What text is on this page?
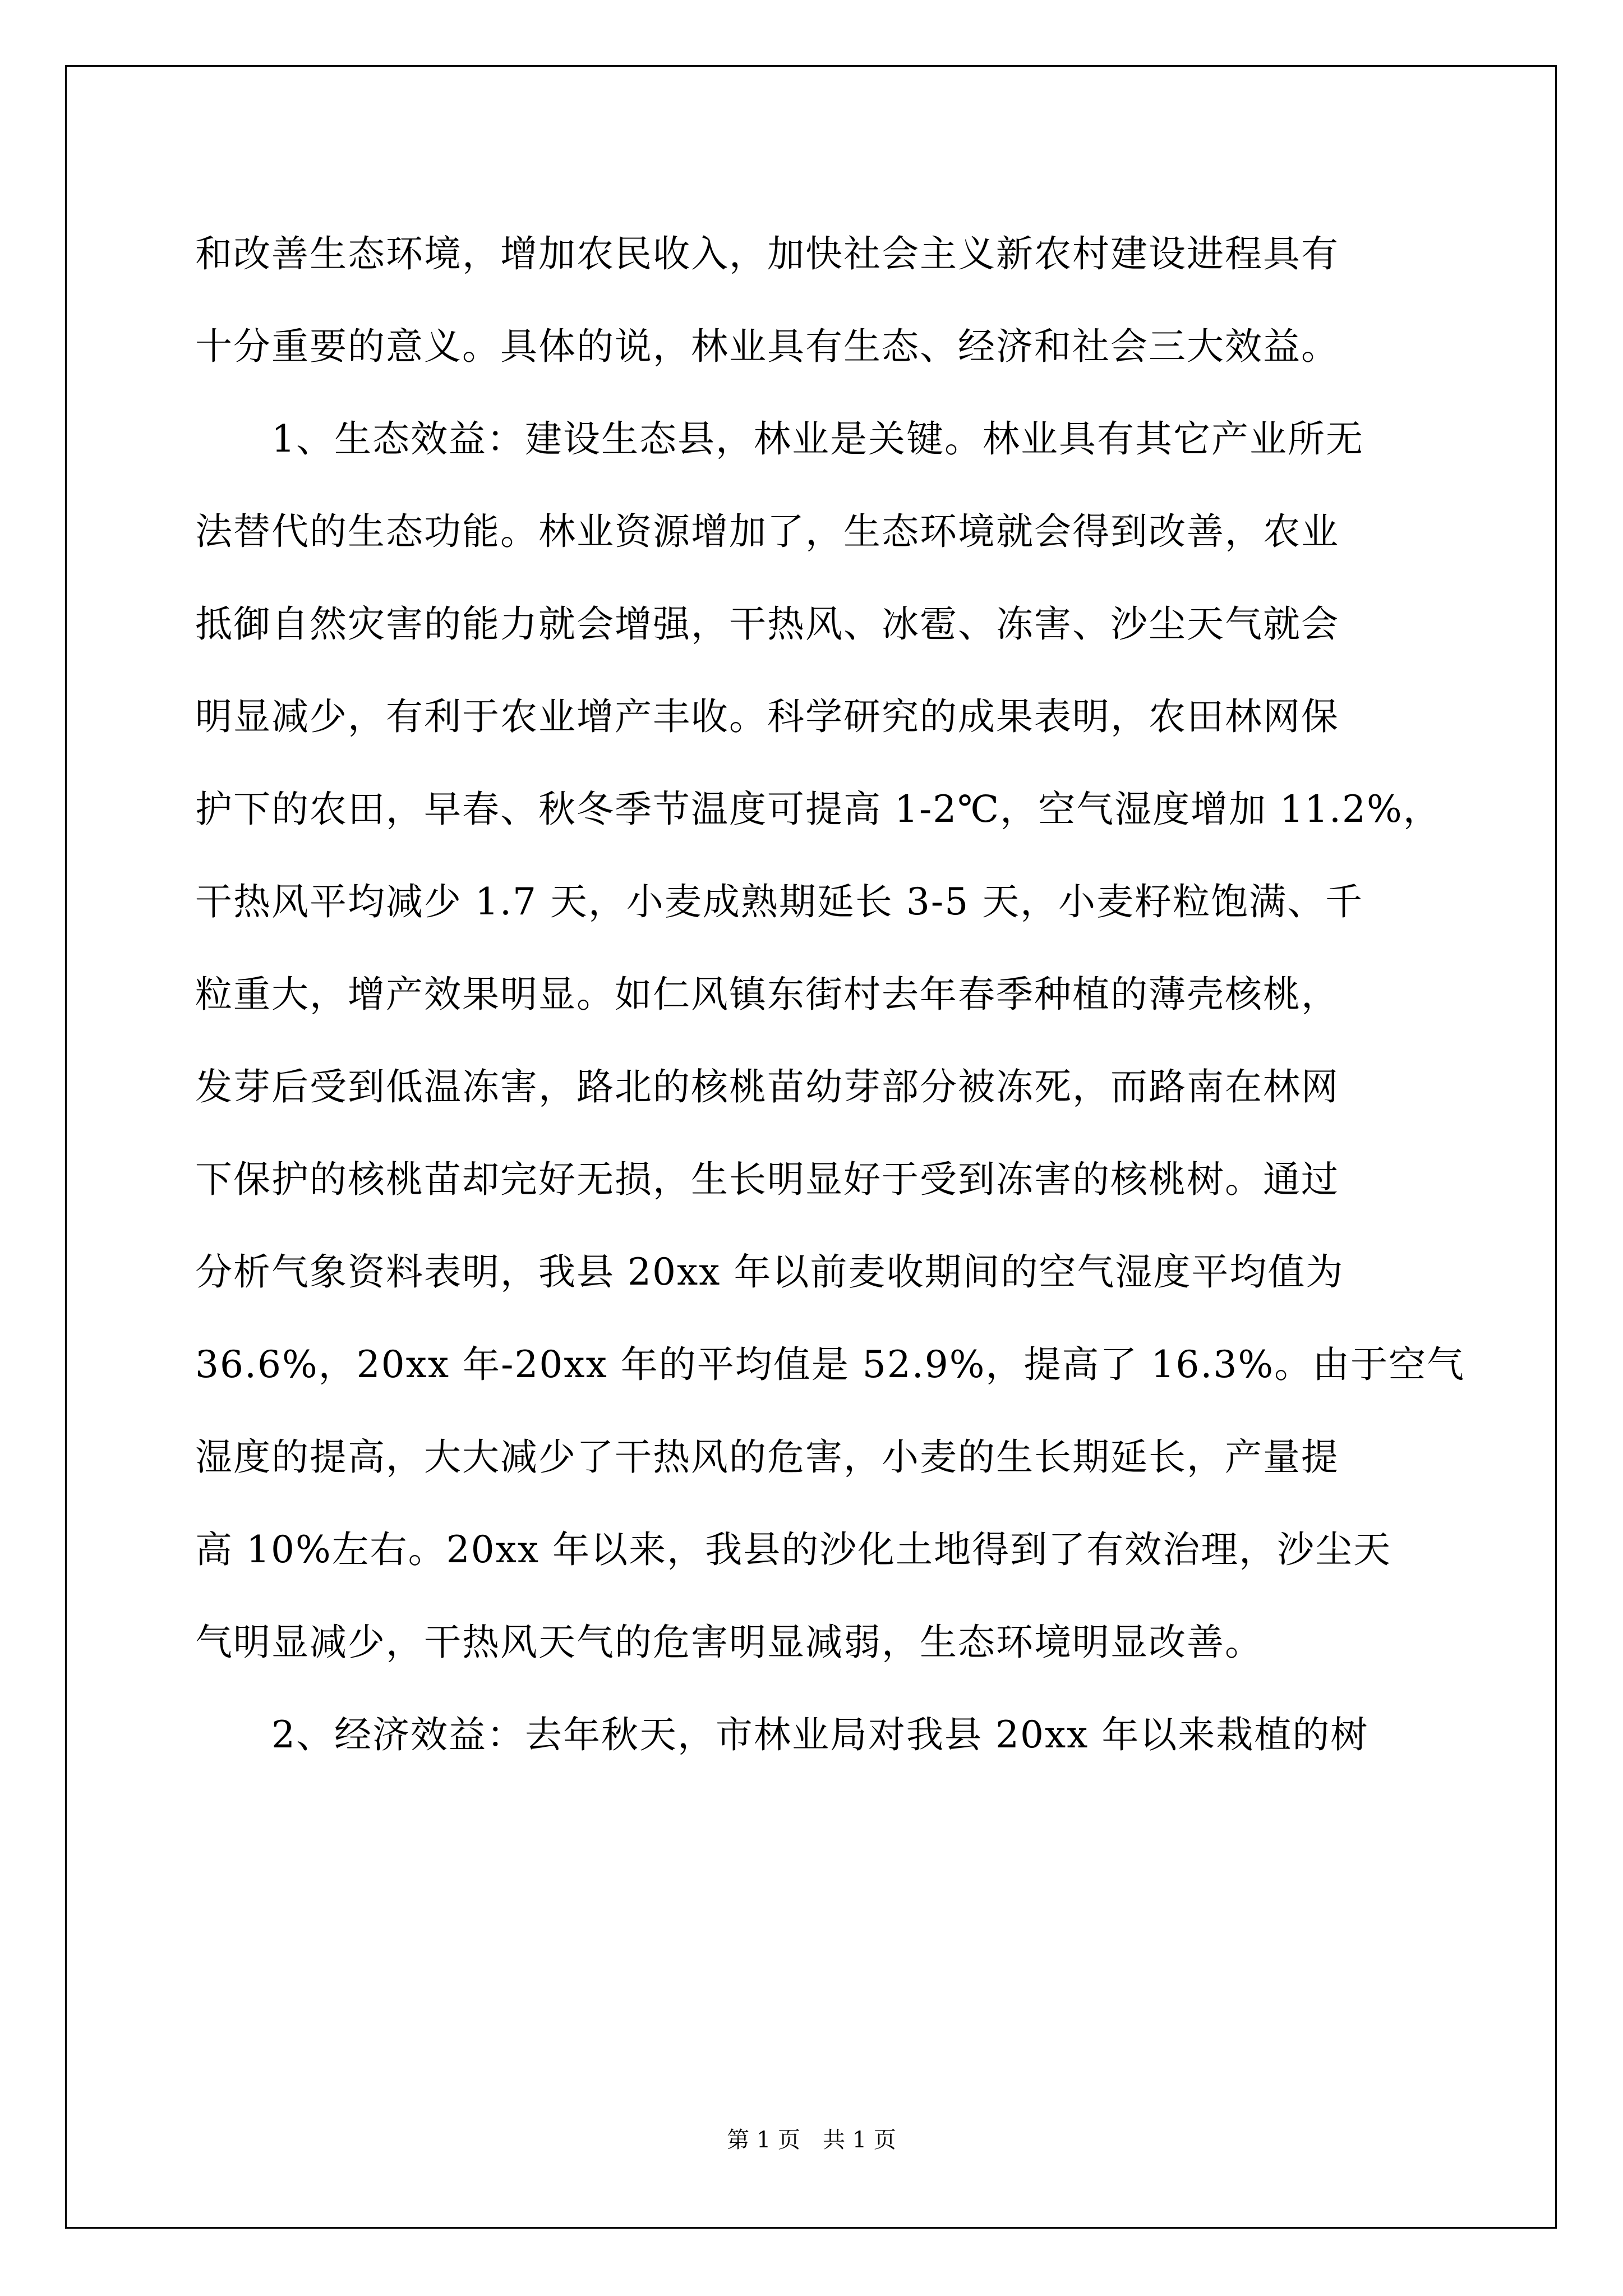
和改善生态环境，增加农民收入，加快社会主义新农村建设进程具有
十分重要的意义。具体的说，林业具有生态、经济和社会三大效益。
1、生态效益：建设生态县，林业是关键。林业具有其它产业所无
法替代的生态功能。林业资源增加了，生态环境就会得到改善，农业
抵御自然灾害的能力就会增强，干热风、冰雹、冻害、沙尘天气就会
明显减少，有利于农业增产丰收。科学研究的成果表明，农田林网保
护下的农田，早春、秋冬季节温度可提高 1-2℃，空气湿度增加 11.2%，
干热风平均减少 1.7 天，小麦成熟期延长 3-5 天，小麦籽粒饱满、千
粒重大，增产效果明显。如仁风镇东街村去年春季种植的薄壳核桃，
发芽后受到低温冻害，路北的核桃苗幼芽部分被冻死，而路南在林网
下保护的核桃苗却完好无损，生长明显好于受到冻害的核桃树。通过
分析气象资料表明，我县 20xx 年以前麦收期间的空气湿度平均值为
36.6%，20xx 年-20xx 年的平均值是 52.9%，提高了 16.3%。由于空气
湿度的提高，大大减少了干热风的危害，小麦的生长期延长，产量提
高 10%左右。20xx 年以来，我县的沙化土地得到了有效治理，沙尘天
气明显减少，干热风天气的危害明显减弱，生态环境明显改善。
2、经济效益：去年秋天，市林业局对我县 20xx 年以来栽植的树
第 1 页　共 1 页
